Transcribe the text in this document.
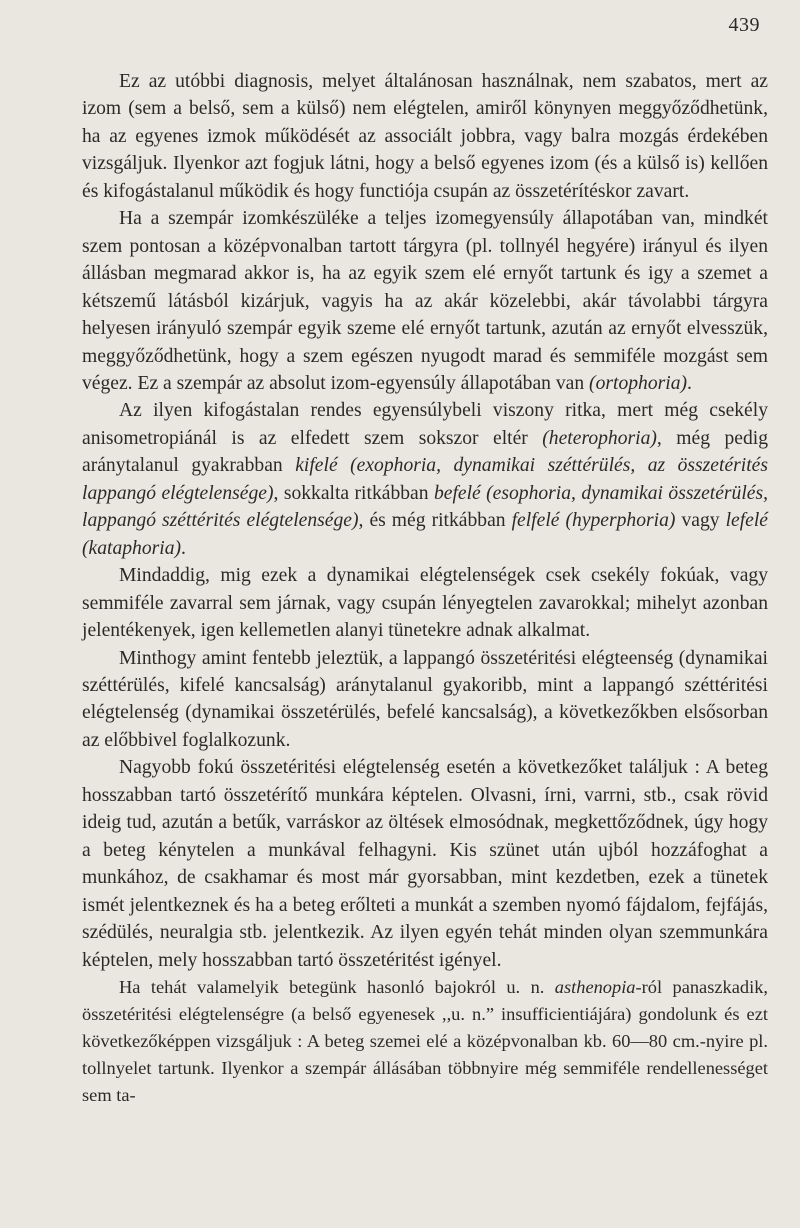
439

Ez az utóbbi diagnosis, melyet általánosan használnak, nem szabatos, mert az izom (sem a belső, sem a külső) nem elégtelen, amiről könynyen meggyőződhetünk, ha az egyenes izmok működését az associált jobbra, vagy balra mozgás érdekében vizsgáljuk. Ilyenkor azt fogjuk látni, hogy a belső egyenes izom (és a külső is) kellően és kifogástalanul működik és hogy functiója csupán az összetérítéskor zavart.

Ha a szempár izomkészüléke a teljes izomegyensúly állapotában van, mindkét szem pontosan a középvonalban tartott tárgyra (pl. tollnyél hegyére) irányul és ilyen állásban megmarad akkor is, ha az egyik szem elé ernyőt tartunk és igy a szemet a kétszemű látásból kizárjuk, vagyis ha az akár közelebbi, akár távolabbi tárgyra helyesen irányuló szempár egyik szeme elé ernyőt tartunk, azután az ernyőt elvesszük, meggyőződhetünk, hogy a szem egészen nyugodt marad és semmiféle mozgást sem végez. Ez a szempár az absolut izom-egyensúly állapotában van (ortophoria).

Az ilyen kifogástalan rendes egyensúlybeli viszony ritka, mert még csekély anisometropiánál is az elfedett szem sokszor eltér (heterophoria), még pedig aránytalanul gyakrabban kifelé (exophoria, dynamikai széttérülés, az összetérités lappangó elégtelensége), sokkalta ritkábban befelé (esophoria, dynamikai összetérülés, lappangó széttérités elégtelensége), és még ritkábban felfelé (hyperphoria) vagy lefelé (kataphoria).

Mindaddig, mig ezek a dynamikai elégtelenségek csek csekély fokúak, vagy semmiféle zavarral sem járnak, vagy csupán lényegtelen zavarokkal; mihelyt azonban jelentékenyek, igen kellemetlen alanyi tünetekre adnak alkalmat.

Minthogy amint fentebb jeleztük, a lappangó összetéritési elégteenség (dynamikai széttérülés, kifelé kancsalság) aránytalanul gyakoribb, mint a lappangó széttéritési elégtelenség (dynamikai összetérülés, befelé kancsalság), a következőkben elsősorban az előbbivel foglalkozunk.

Nagyobb fokú összetéritési elégtelenség esetén a következőket találjuk : A beteg hosszabban tartó összetérítő munkára képtelen. Olvasni, írni, varrni, stb., csak rövid ideig tud, azután a betűk, varráskor az öltések elmosódnak, megkettőződnek, úgy hogy a beteg kénytelen a munkával felhagyni. Kis szünet után ujból hozzáfoghat a munkához, de csakhamar és most már gyorsabban, mint kezdetben, ezek a tünetek ismét jelentkeznek és ha a beteg erőlteti a munkát a szemben nyomó fájdalom, fejfájás, szédülés, neuralgia stb. jelentkezik. Az ilyen egyén tehát minden olyan szemmunkára képtelen, mely hosszabban tartó összetéritést igényel.

Ha tehát valamelyik betegünk hasonló bajokról u. n. asthenopia-ról panaszkadik, összetéritési elégtelenségre (a belső egyenesek ,,u. n.” insufficientiájára) gondolunk és ezt következőképpen vizsgáljuk : A beteg szemei elé a középvonalban kb. 60—80 cm.-nyire pl. tollnyelet tartunk. Ilyenkor a szempár állásában többnyire még semmiféle rendellenességet sem ta-
